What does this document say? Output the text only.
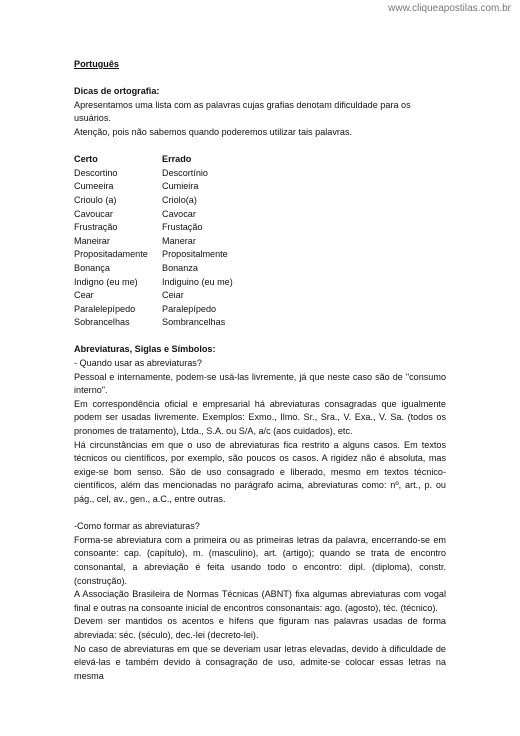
www.cliqueapostilas.com.br

Português

Dicas de ortografia:

Apresentamos uma lista com as palavras cujas grafias denotam dificuldade para os usuários.

Atenção, pois não sabemos quando poderemos utilizar tais palavras.

Certo	Errado
Descortino	Descortínio
Cumeeira	Cumieira
Crioulo (a)	Criolo(a)
Cavoucar	Cavocar
Frustração	Frustação
Maneirar	Manerar
Propositadamente	Propositalmente
Bonança	Bonanza
Indigno (eu me)	Indiguino (eu me)
Cear	Ceiar
Paralelepípedo	Paralepípedo
Sobrancelhas	Sombrancelhas

Abreviaturas, Siglas e Símbolos:

- Quando usar as abreviaturas?

Pessoal e internamente, podem-se usá-las livremente, já que neste caso são de "consumo interno".

Em correspondência oficial e empresarial há abreviaturas consagradas que igualmente podem ser usadas livremente. Exemplos: Exmo., Ilmo. Sr., Sra., V. Exa., V. Sa. (todos os pronomes de tratamento), Ltda., S.A. ou S/A, a/c (aos cuidados), etc.

Há circunstâncias em que o uso de abreviaturas fica restrito a alguns casos. Em textos técnicos ou científicos, por exemplo, são poucos os casos. A rigidez não é absoluta, mas exige-se bom senso. São de uso consagrado e liberado, mesmo em textos técnico-científicos, além das mencionadas no parágrafo acima, abreviaturas como: nº, art., p. ou pág., cel, av., gen., a.C., entre outras.

-Como formar as abreviaturas?

Forma-se abreviatura com a primeira ou as primeiras letras da palavra, encerrando-se em consoante: cap. (capítulo), m. (masculino), art. (artigo); quando se trata de encontro consonantal, a abreviação é feita usando todo o encontro: dipl. (diploma), constr. (construção).

A Associação Brasileira de Normas Técnicas (ABNT) fixa algumas abreviaturas com vogal final e outras na consoante inicial de encontros consonantais: ago. (agosto), téc. (técnico).

Devem ser mantidos os acentos e hífens que figuram nas palavras usadas de forma abreviada: séc. (século), dec.-lei (decreto-lei).

No caso de abreviaturas em que se deveriam usar letras elevadas, devido à dificuldade de elevá-las e também devido à consagração de uso, admite-se colocar essas letras na mesma
